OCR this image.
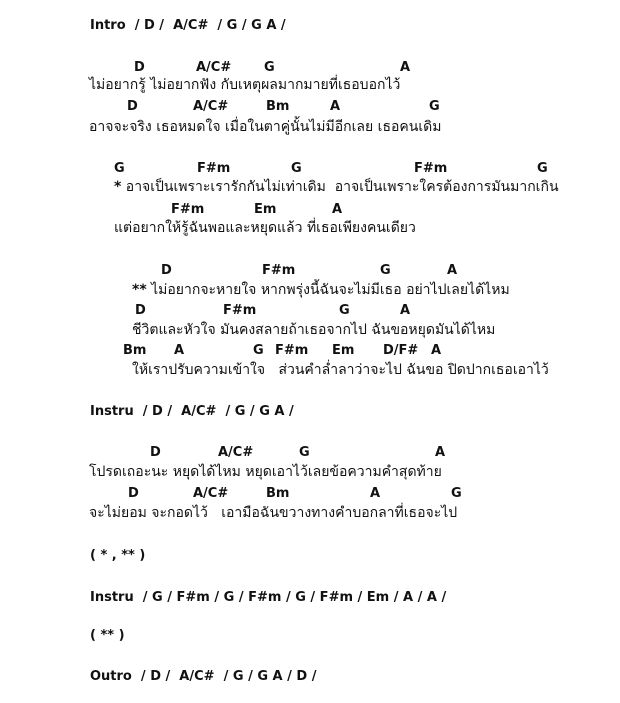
Intro  / D /  A/C#  / G / G A /
D	A/C#	G	A
ไม่อยากรู้ ไม่อยากฟัง กับเหตุผลมากมายที่เธอบอกไว้
D	A/C#	Bm	A	G
อาจจะจริง เธอหมดใจ เมื่อในตาคู่นั้นไม่มีอีกเลย เธอคนเดิม
G	F#m	G	F#m	G
* อาจเป็นเพราะเรารักกันไม่เท่าเดิม  อาจเป็นเพราะใครต้องการมันมากเกิน
F#m	Em	A
แต่อยากให้รู้ฉันพอและหยุดแล้ว ที่เธอเพียงคนเดียว
D	F#m	G	A
** ไม่อยากจะหายใจ หากพรุ่งนี้ฉันจะไม่มีเธอ อย่าไปเลยได้ไหม
D	F#m	G	A
ชีวิตและหัวใจ มันคงสลายถ้าเธอจากไป ฉันขอหยุดมันได้ไหม
Bm A	G F#m Em D/F# A
ให้เราปรับความเข้าใจ   ส่วนคำล่ำลาว่าจะไป ฉันขอ ปิดปากเธอเอาไว้
Instru  / D /  A/C#  / G / G A /
D	A/C#	G	A
โปรดเถอะนะ หยุดได้ไหม หยุดเอาไว้เลยข้อความคำสุดท้าย
D	A/C#	Bm	A	G
จะไม่ยอม จะกอดไว้   เอามือฉันขวางทางคำบอกลาที่เธอจะไป
( * , ** )
Instru  / G / F#m / G / F#m / G / F#m / Em / A / A /
( ** )
Outro  / D /  A/C#  / G / G A / D /
